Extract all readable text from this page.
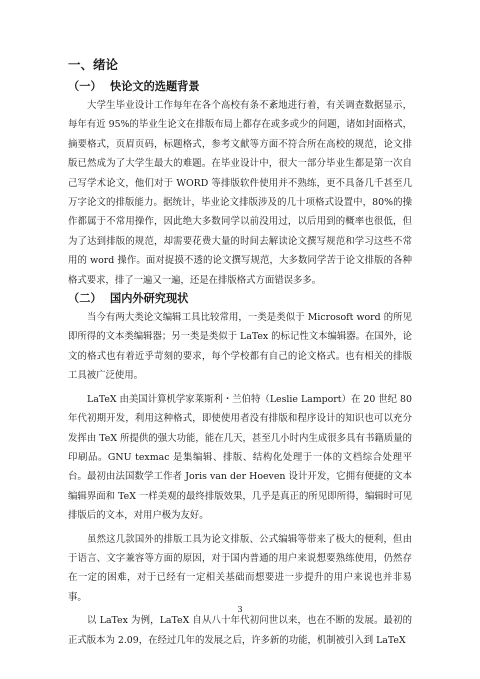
一、绪论
（一） 快论文的选题背景

大学生毕业设计工作每年在各个高校有条不紊地进行着，有关调查数据显示，每年有近 95%的毕业生论文在排版布局上都存在或多或少的问题，诸如封面格式，摘要格式，页眉页码，标题格式，参考文献等方面不符合所在高校的规范，论文排版已然成为了大学生最大的难题。在毕业设计中，很大一部分毕业生都是第一次自己写学术论文，他们对于 WORD 等排版软件使用并不熟练，更不具备几千甚至几万字论文的排版能力。据统计，毕业论文排版涉及的几十项格式设置中，80%的操作都属于不常用操作，因此绝大多数同学以前没用过，以后用到的概率也很低，但为了达到排版的规范，却需要花费大量的时间去解读论文撰写规范和学习这些不常用的 word 操作。面对捉摸不透的论文撰写规范，大多数同学苦于论文排版的各种格式要求，排了一遍又一遍，还是在排版格式方面错误多多。

（二） 国内外研究现状

当今有两大类论文编辑工具比较常用，一类是类似于 Microsoft word 的所见即所得的文本类编辑器；另一类是类似于 LaTex 的标记性文本编辑器。在国外，论文的格式也有着近乎苛刻的要求，每个学校都有自己的论文格式。也有相关的排版工具被广泛使用。

LaTeX 由美国计算机学家莱斯利・兰伯特（Leslie Lamport）在 20 世纪 80 年代初期开发，利用这种格式，即使使用者没有排版和程序设计的知识也可以充分发挥由 TeX 所提供的强大功能，能在几天，甚至几小时内生成很多具有书籍质量的印刷品。GNU texmac 是集编辑、排版、结构化处理于一体的文档综合处理平台。最初由法国数学工作者 Joris van der Hoeven 设计开发，它拥有便捷的文本编辑界面和 TeX 一样美观的最终排版效果，几乎是真正的所见即所得，编辑时可见排版后的文本，对用户极为友好。

虽然这几款国外的排版工具为论文排版、公式编辑等带来了极大的便利，但由于语言、文字兼容等方面的原因，对于国内普通的用户来说想要熟练使用，仍然存在一定的困难，对于已经有一定相关基础而想要进一步提升的用户来说也并非易事。

以 LaTex 为例，LaTeX 自从八十年代初问世以来，也在不断的发展。最初的正式版本为 2.09，在经过几年的发展之后，许多新的功能，机制被引入到 LaTeX

3
